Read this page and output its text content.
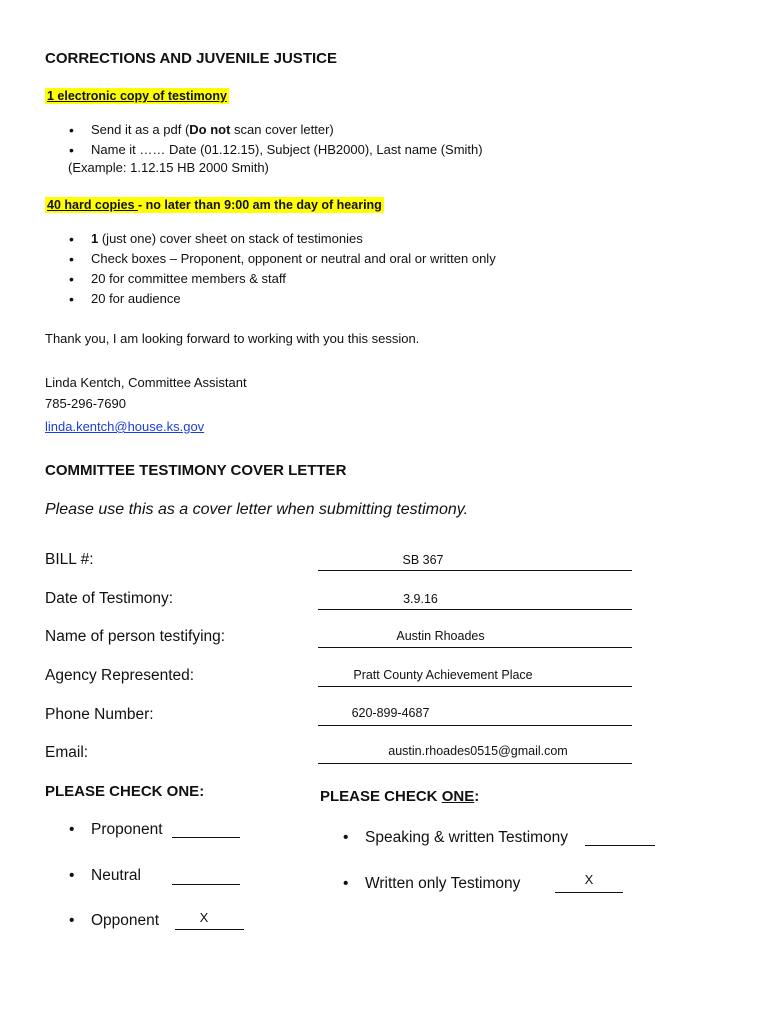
CORRECTIONS AND JUVENILE JUSTICE
1 electronic copy of testimony
• Send it as a pdf (Do not scan cover letter)
• Name it …… Date (01.12.15), Subject (HB2000), Last name (Smith)
(Example: 1.12.15 HB 2000 Smith)
40 hard copies - no later than 9:00 am the day of hearing
• 1 (just one) cover sheet on stack of testimonies
• Check boxes – Proponent, opponent or neutral and oral or written only
• 20 for committee members & staff
• 20 for audience
Thank you, I am looking forward to working with you this session.
Linda Kentch, Committee Assistant
785-296-7690
linda.kentch@house.ks.gov
COMMITTEE TESTIMONY COVER LETTER
Please use this as a cover letter when submitting testimony.
BILL #:	SB 367
Date of Testimony:	3.9.16
Name of person testifying:	Austin Rhoades
Agency Represented:	Pratt County Achievement Place
Phone Number:	620-899-4687
Email:	austin.rhoades0515@gmail.com
PLEASE CHECK ONE:
• Proponent
• Neutral
• Opponent	X
PLEASE CHECK ONE:
• Speaking & written Testimony
• Written only Testimony	X
